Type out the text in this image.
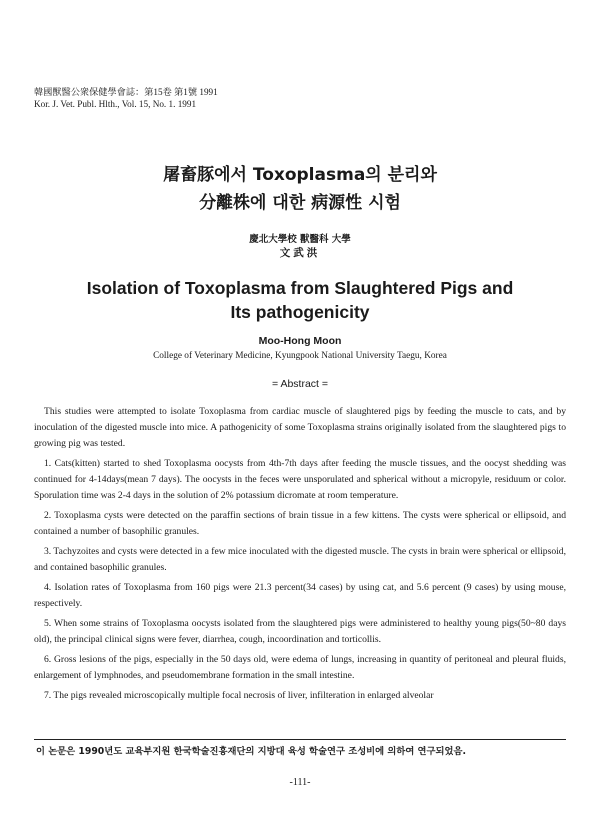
韓國獸醫公衆保健學會誌：第15卷 第1號 1991
Kor. J. Vet. Publ. Hlth., Vol. 15, No. 1. 1991
屠畜豚에서 Toxoplasma의 분리와
分離株에 대한 病源性 시험
慶北大學校 獸醫科 大學
文武洪
Isolation of Toxoplasma from Slaughtered Pigs and
Its pathogenicity
Moo-Hong Moon
College of Veterinary Medicine, Kyungpook National University Taegu, Korea
= Abstract =

This studies were attempted to isolate Toxoplasma from cardiac muscle of slaughtered pigs by feeding the muscle to cats, and by inoculation of the digested muscle into mice. A pathogenicity of some Toxoplasma strains originally isolated from the slaughtered pigs to growing pig was tested.

1. Cats(kitten) started to shed Toxoplasma oocysts from 4th-7th days after feeding the muscle tissues, and the oocyst shedding was continued for 4-14days(mean 7 days). The oocysts in the feces were unsporulated and spherical without a micropyle, residuum or color. Sporulation time was 2-4 days in the solution of 2% potassium dicromate at room temperature.

2. Toxoplasma cysts were detected on the paraffin sections of brain tissue in a few kittens. The cysts were spherical or ellipsoid, and contained a number of basophilic granules.

3. Tachyzoites and cysts were detected in a few mice inoculated with the digested muscle. The cysts in brain were spherical or ellipsoid, and contained basophilic granules.

4. Isolation rates of Toxoplasma from 160 pigs were 21.3 percent(34 cases) by using cat, and 5.6 percent (9 cases) by using mouse, respectively.

5. When some strains of Toxoplasma oocysts isolated from the slaughtered pigs were administered to healthy young pigs(50~80 days old), the principal clinical signs were fever, diarrhea, cough, incoordination and torticollis.

6. Gross lesions of the pigs, especially in the 50 days old, were edema of lungs, increasing in quantity of peritoneal and pleural fluids, enlargement of lymphnodes, and pseudomembrane formation in the small intestine.

7. The pigs revealed microscopically multiple focal necrosis of liver, infilteration in enlarged alveolar

이 논문은 1990년도 교육부지원 한국학술진흥재단의 지방대 육성 학술연구 조성비에 의하여 연구되었음.
-111-
